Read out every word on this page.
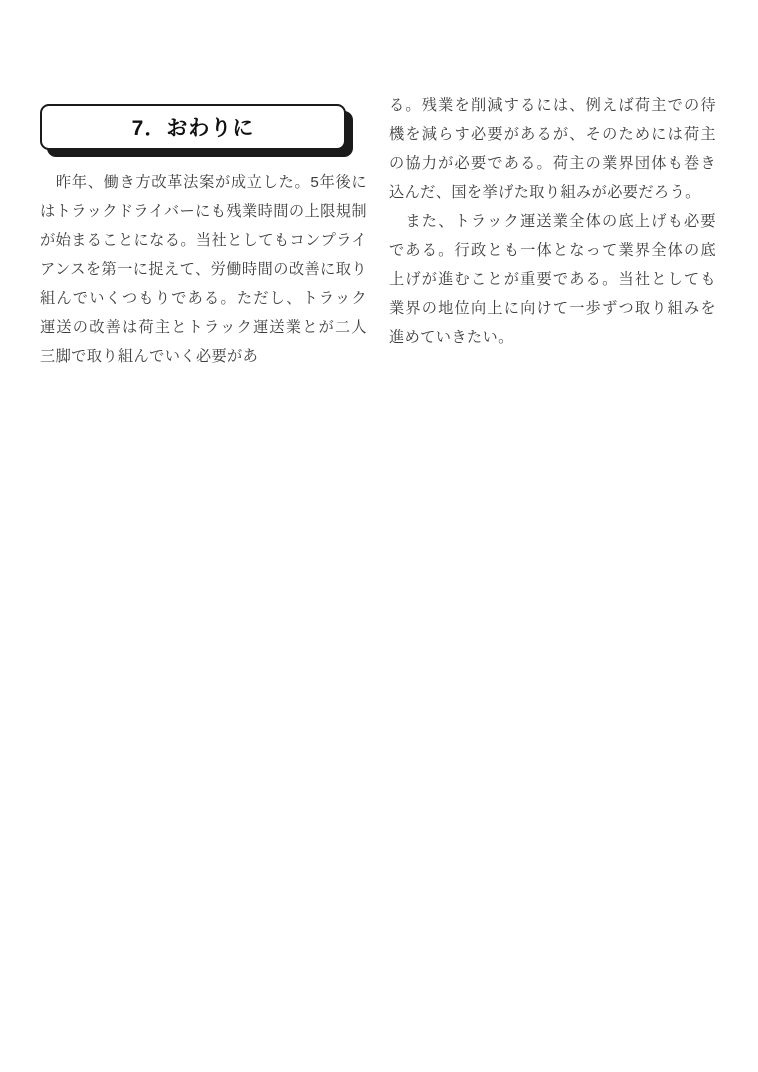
7．おわりに

　昨年、働き方改革法案が成立した。5年後にはトラックドライバーにも残業時間の上限規制が始まることになる。当社としてもコンプライアンスを第一に捉えて、労働時間の改善に取り組んでいくつもりである。ただし、トラック運送の改善は荷主とトラック運送業とが二人三脚で取り組んでいく必要があ

る。残業を削減するには、例えば荷主での待機を減らす必要があるが、そのためには荷主の協力が必要である。荷主の業界団体も巻き込んだ、国を挙げた取り組みが必要だろう。

　また、トラック運送業全体の底上げも必要である。行政とも一体となって業界全体の底上げが進むことが重要である。当社としても業界の地位向上に向けて一歩ずつ取り組みを進めていきたい。
